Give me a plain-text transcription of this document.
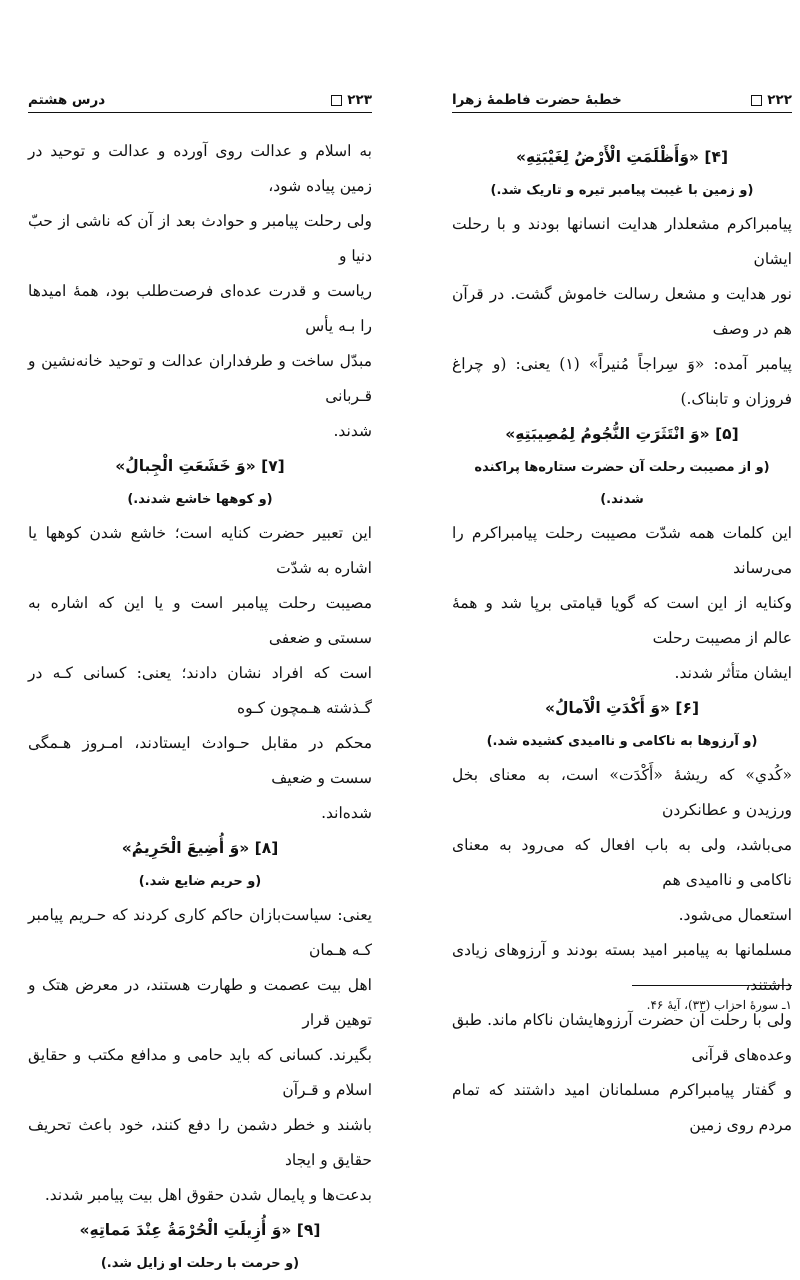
۲۲۲
خطبهٔ حضرت فاطمهٔ زهرا

[۴] «وَأَظْلَمَتِ الْأَرْضُ لِغَيْبَتِهِ»

(و زمین با غیبت پیامبر تیره و تاریک شد.)

پیامبراکرم مشعلدار هدایت انسانها بودند و با رحلت ایشان

نور هدایت و مشعل رسالت خاموش گشت. در قرآن هم در وصف

پیامبر آمده: «وَ سِراجاً مُنيراً» (۱) یعنی: (و چراغ فروزان و تابناک.)

[۵] «وَ انْتَثَرَتِ النُّجُومُ لِمُصِيبَتِهِ»

(و از مصیبت رحلت آن حضرت ستاره‌ها پراکنده شدند.)

این کلمات همه شدّت مصیبت رحلت پیامبراکرم را می‌رساند

وکنایه از این است که گویا قیامتی برپا شد و همهٔ عالم از مصیبت رحلت

ایشان متأثر شدند.

[۶] «وَ أَكْدَتِ الْآمالُ»

(و آرزوها به ناکامی و ناامیدی کشیده شد.)

«كُدي» که ریشهٔ «أَكْدَت» است، به معنای بخل ورزیدن و عطانکردن

می‌باشد، ولی به باب افعال که می‌رود به معنای ناکامی و ناامیدی هم

استعمال می‌شود.

مسلمانها به پیامبر امید بسته بودند و آرزوهای زیادی داشتند،

ولی با رحلت آن حضرت آرزوهایشان ناکام ماند. طبق وعده‌های قرآنی

و گفتار پیامبراکرم مسلمانان امید داشتند که تمام مردم روی زمین

۱ـ سورهٔ احزاب (۳۳)، آیهٔ ۴۶.
۲۲۳
درس هشتم

به اسلام و عدالت روی آورده و عدالت و توحید در زمین پیاده شود،

ولی رحلت پیامبر و حوادث بعد از آن که ناشی از حبّ دنیا و

ریاست و قدرت عده‌ای فرصت‌طلب بود، همهٔ امیدها را بـه یأس

مبدّل ساخت و طرفداران عدالت و توحید خانه‌نشین و قـربانی

شدند.

[۷] «وَ خَشَعَتِ الْجِبالُ»

(و کوهها خاشع شدند.)

این تعبیر حضرت کنایه است؛ خاشع شدن کوهها یا اشاره به شدّت

مصیبت رحلت پیامبر است و یا این که اشاره به سستی و ضعفی

است که افراد نشان دادند؛ یعنی: کسانی کـه در گـذشته هـمچون کـوه

محکم در مقابل حـوادث ایستادند، امـروز هـمگی سست و ضعیف

شده‌اند.

[۸] «وَ أُضِيعَ الْحَرِيمُ»

(و حریم ضایع شد.)

یعنی: سیاست‌بازان حاکم کاری کردند که حـریم پیامبر کـه هـمان

اهل بیت عصمت و طهارت هستند، در معرض هتک و توهین قرار

بگیرند. کسانی که باید حامی و مدافع مکتب و حقایق اسلام و قـرآن

باشند و خطر دشمن را دفع کنند، خود باعث تحریف حقایق و ایجاد

بدعت‌ها و پایمال شدن حقوق اهل بیت پیامبر شدند.

[۹] «وَ أُزِيلَتِ الْحُرْمَةُ عِنْدَ مَماتِهِ»

(و حرمت با رحلت او زایل شد.)
